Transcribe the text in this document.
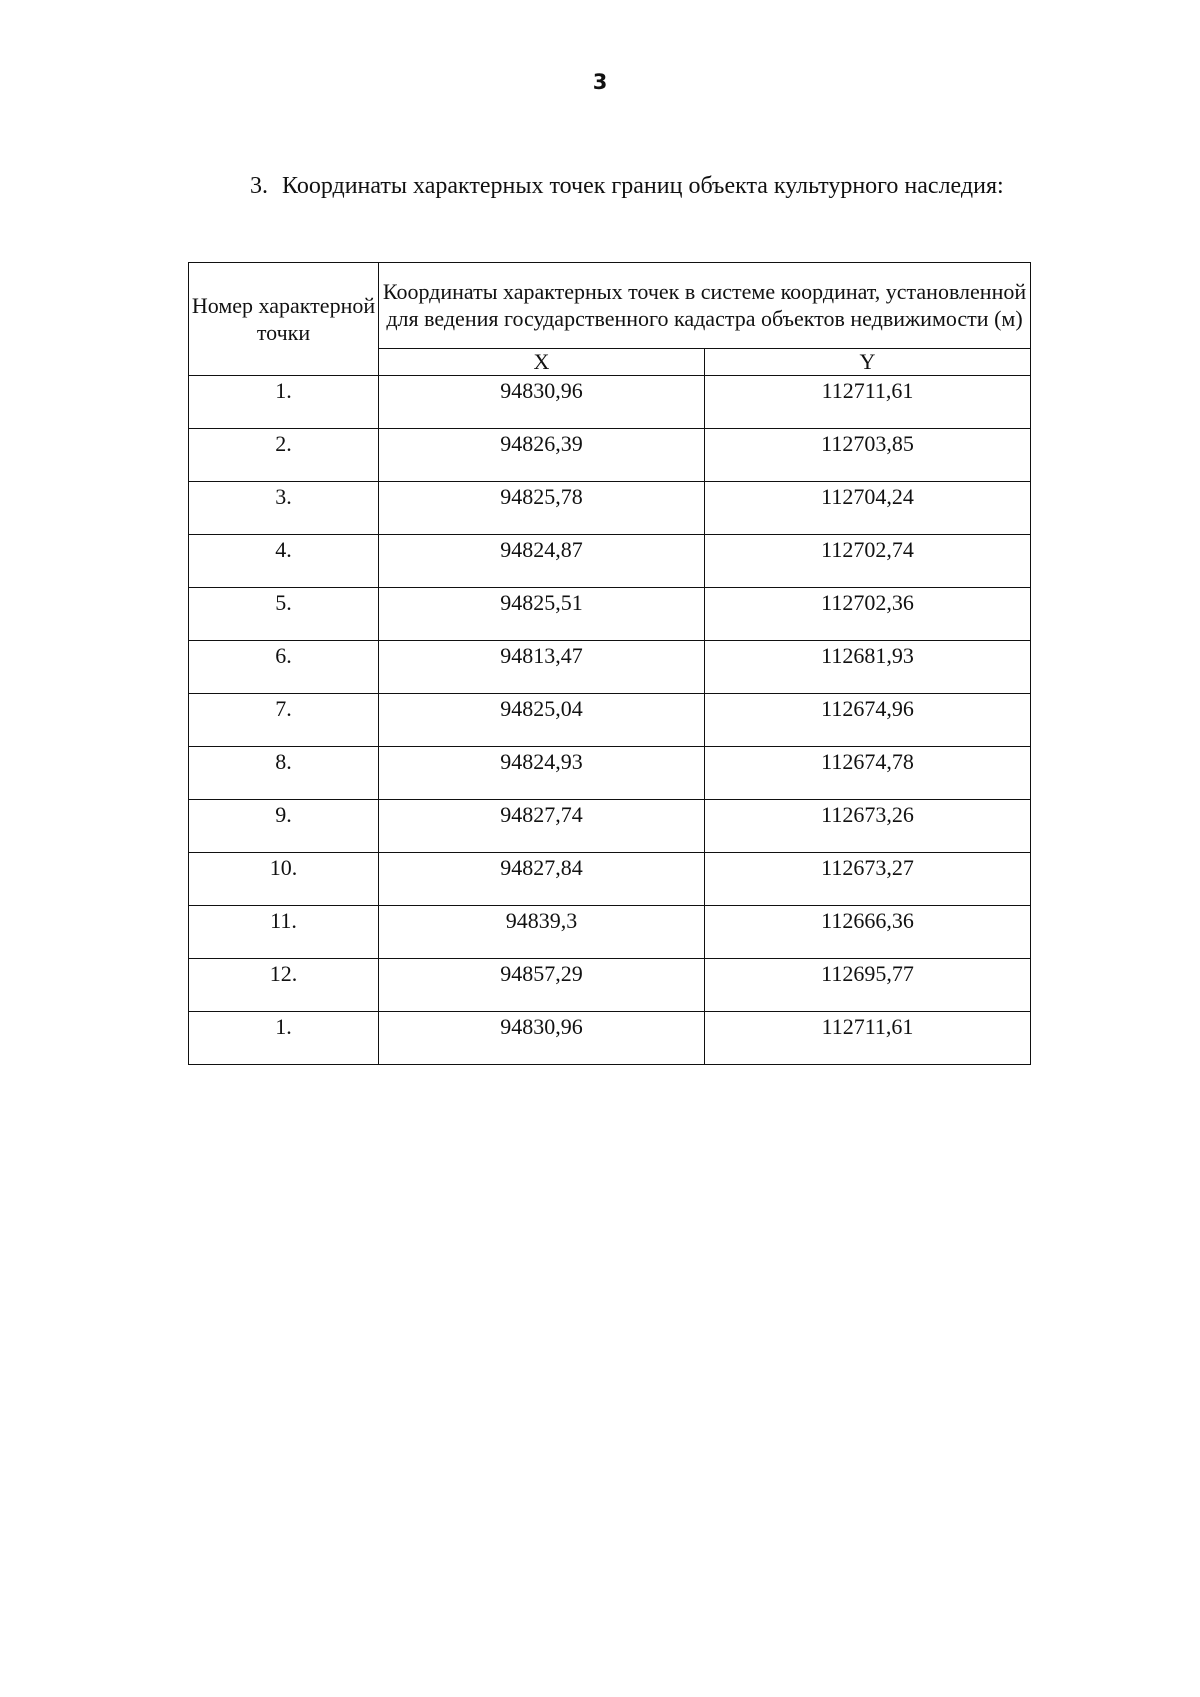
3
3. Координаты характерных точек границ объекта культурного наследия:
Номер характерной точки	Координаты характерных точек в системе координат, установленной для ведения государственного кадастра объектов недвижимости (м)	
	X	Y
1.	94830,96	112711,61
2.	94826,39	112703,85
3.	94825,78	112704,24
4.	94824,87	112702,74
5.	94825,51	112702,36
6.	94813,47	112681,93
7.	94825,04	112674,96
8.	94824,93	112674,78
9.	94827,74	112673,26
10.	94827,84	112673,27
11.	94839,3	112666,36
12.	94857,29	112695,77
1.	94830,96	112711,61
